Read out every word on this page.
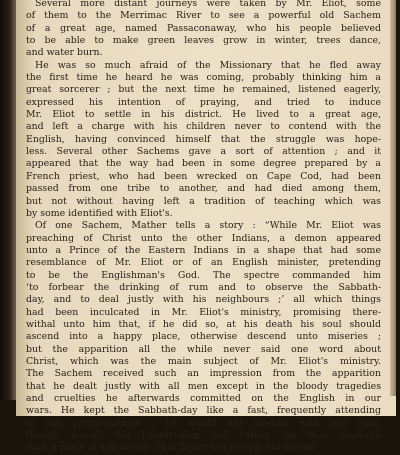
Several more distant journeys were taken by Mr. Eliot, some
of them to the Merrimac River to see a powerful old Sachem
of a great age, named Passaconaway, who his people believed
to be able to make green leaves grow in winter, trees dance,
and water burn.
He was so much afraid of the Missionary that he fled away
the first time he heard he was coming, probably thinking him a
great sorcerer ; but the next time he remained, listened eagerly,
expressed his intention of praying, and tried to induce
Mr. Eliot to settle in his district. He lived to a great age,
and left a charge with his children never to contend with the
English, having convinced himself that the struggle was hope-
less. Several other Sachems gave a sort of attention ; and it
appeared that the way had been in some degree prepared by a
French priest, who had been wrecked on Cape Cod, had been
passed from one tribe to another, and had died among them,
but not without having left a tradition of teaching which was
by some identified with Eliot's.
Of one Sachem, Mather tells a story : “While Mr. Eliot was
preaching of Christ unto the other Indians, a demon appeared
unto a Prince of the Eastern Indians in a shape that had some
resemblance of Mr. Eliot or of an English minister, pretending
to be the Englishman's God. The spectre commanded him
‘to forbear the drinking of rum and to observe the Sabbath-
day, and to deal justly with his neighbours ;’ all which things
had been inculcated in Mr. Eliot's ministry, promising there-
withal unto him that, if he did so, at his death his soul should
ascend into a happy place, otherwise descend unto miseries ;
but the apparition all the while never said one word about
Christ, which was the main subject of Mr. Eliot's ministry.
The Sachem received such an impression from the apparition
that he dealt justly with all men except in the bloody tragedies
and cruelties he afterwards committed on the English in our
wars. He kept the Sabbath-day like a fast, frequently attending
in our congregations ; he would not meddle with any rum,
though usually his countrymen had rather die than undergo
such a piece of self-denial. That liquor has merely enchanted
